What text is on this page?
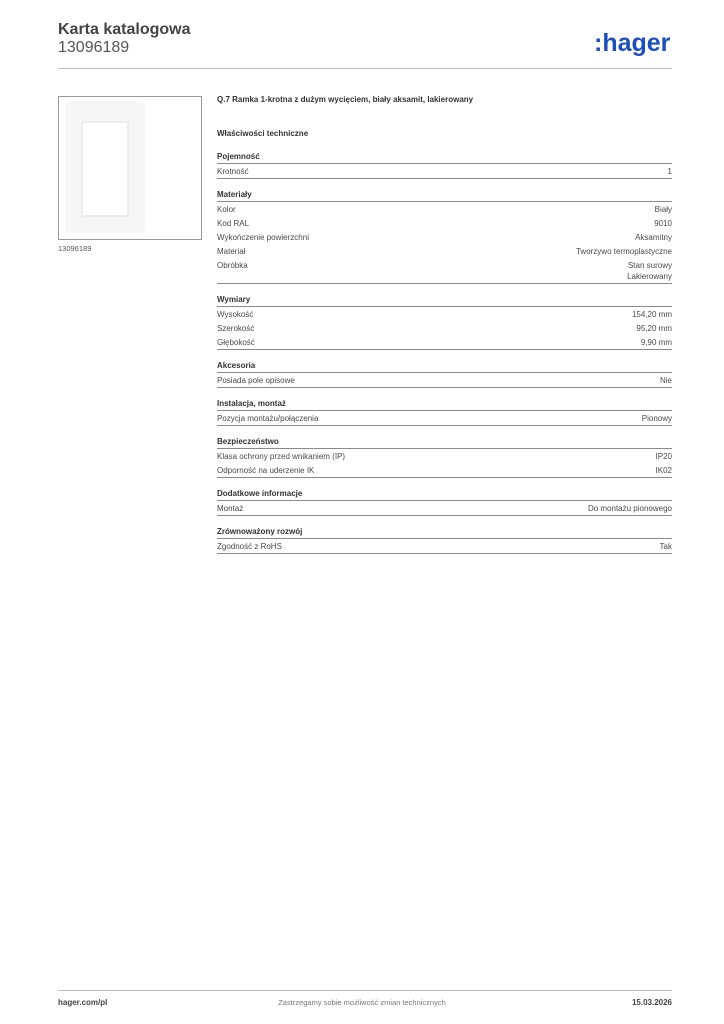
Karta katalogowa
13096189	:hager
13096189
Q.7 Ramka 1-krotna z dużym wycięciem, biały aksamit, lakierowany
Właściwości techniczne
Pojemność
Krotność	1
Materiały
Kolor	Biały
Kod RAL	9010
Wykończenie powierzchni	Aksamitny
Materiał	Tworzywo termoplastyczne
Obróbka	Stan surowy
Lakierowany
Wymiary
Wysokość	154,20 mm
Szerokość	95,20 mm
Głębokość	9,90 mm
Akcesoria
Posiada pole opisowe	Nie
Instalacja, montaż
Pozycja montażu/połączenia	Pionowy
Bezpieczeństwo
Klasa ochrony przed wnikaniem (IP)	IP20
Odporność na uderzenie IK	IK02
Dodatkowe informacje
Montaż	Do montażu pionowego
Zrównoważony rozwój
Zgodność z RoHS	Tak
hager.com/pl	Zastrzegamy sobie możliwość zmian technicznych	15.03.2026
